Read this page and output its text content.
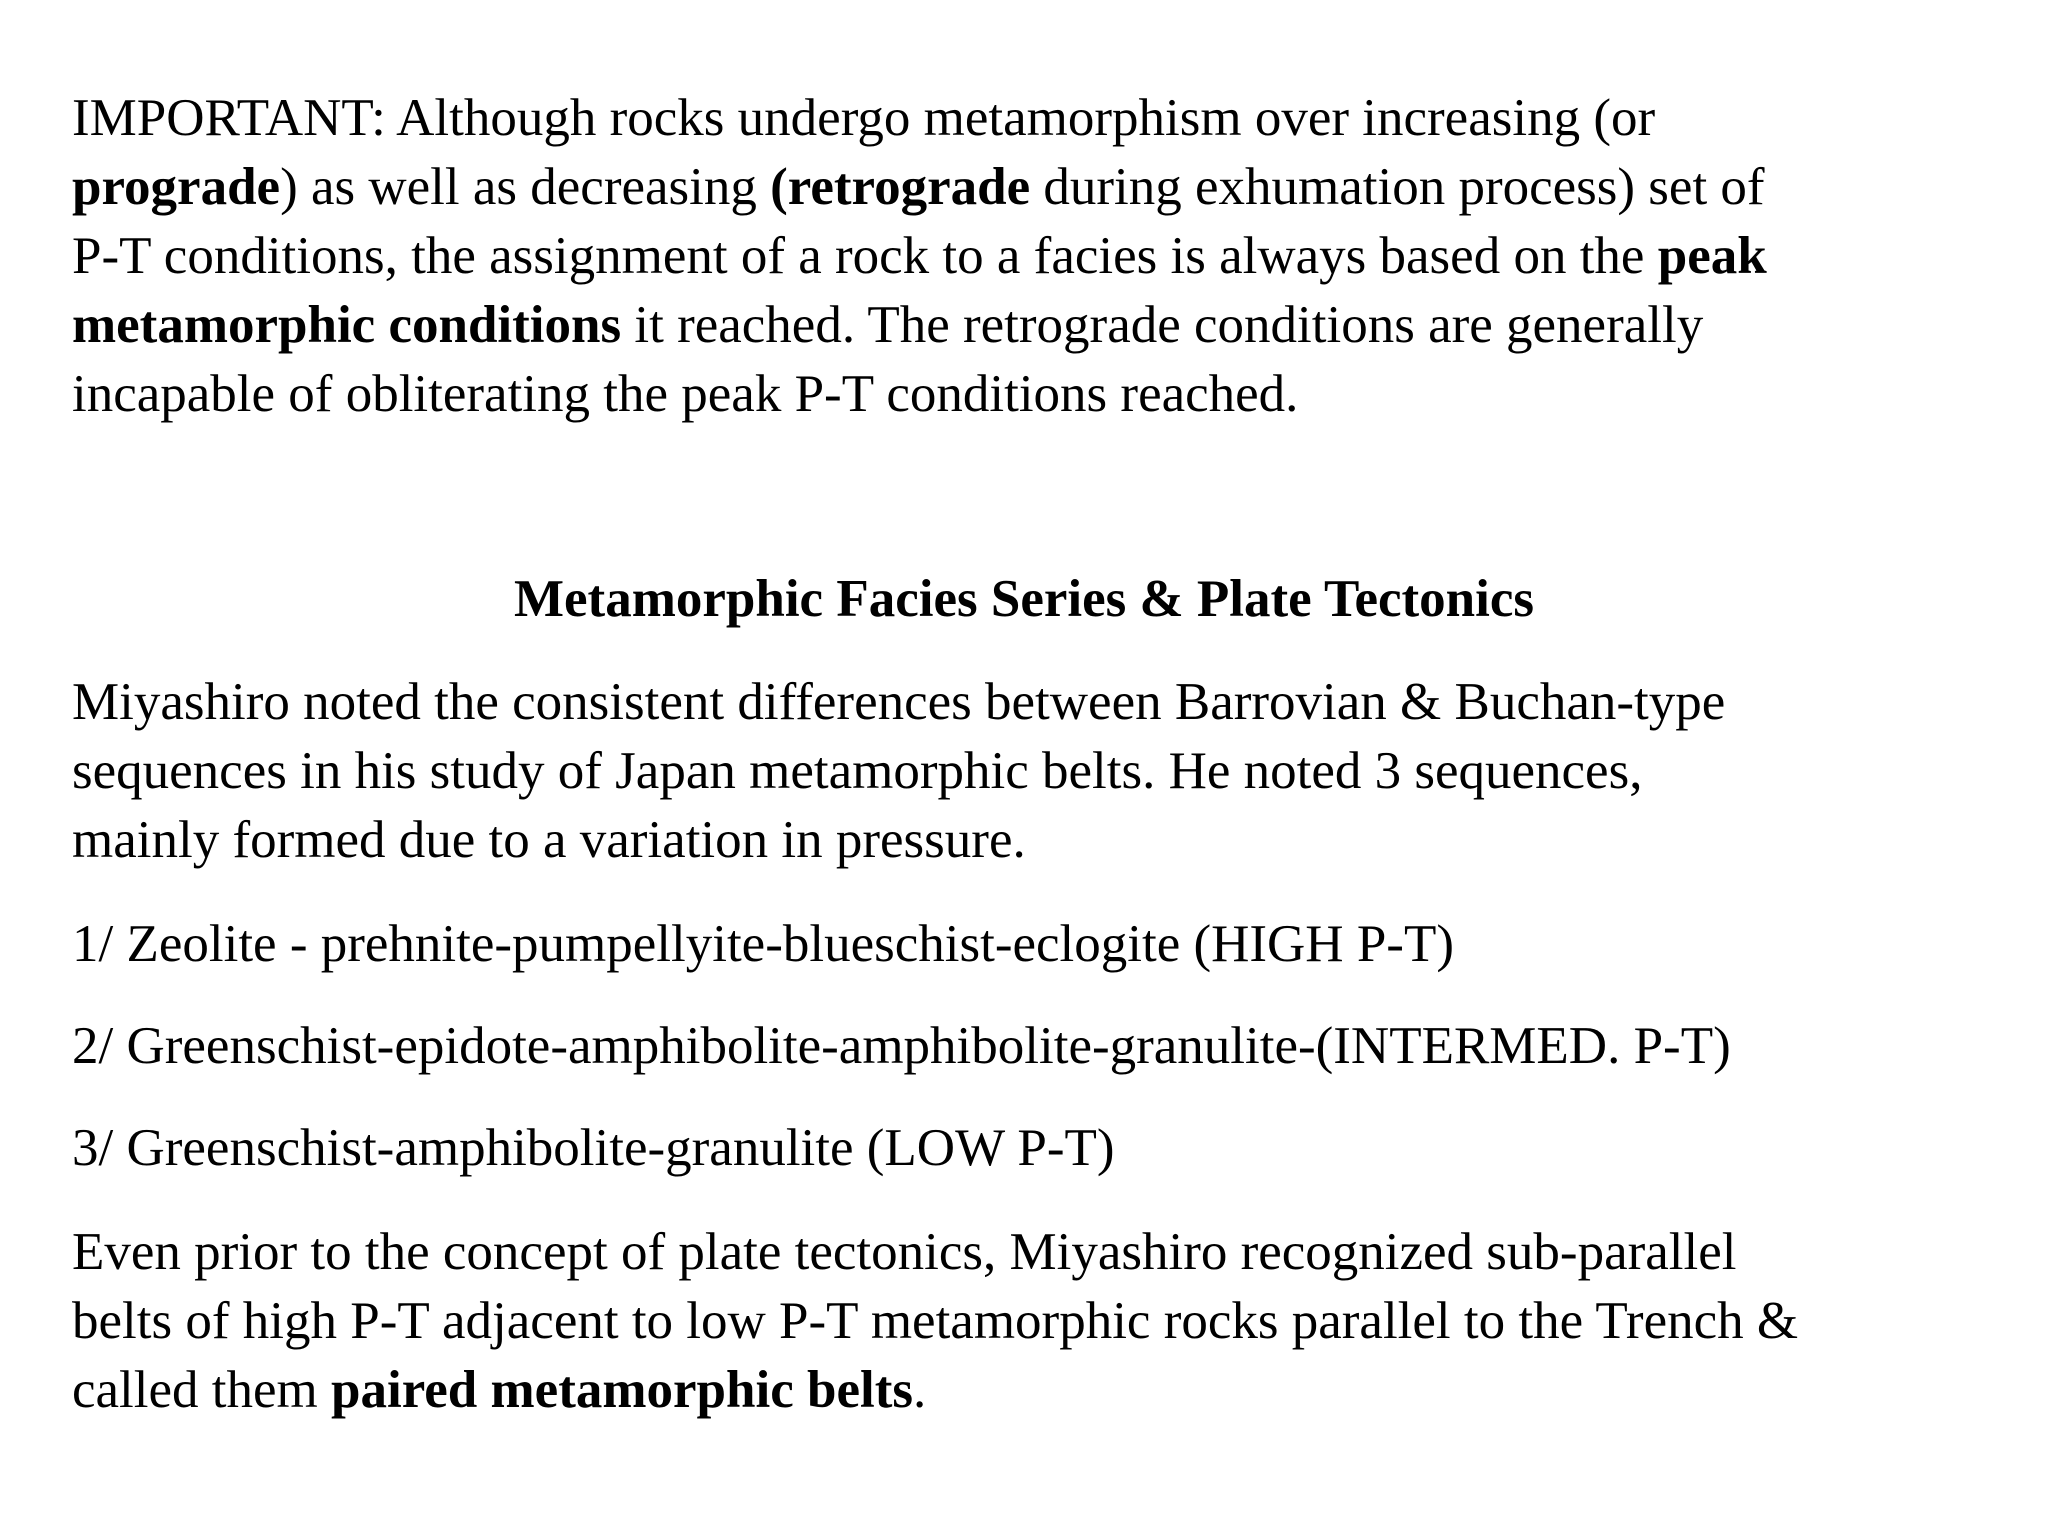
IMPORTANT: Although rocks undergo metamorphism over increasing (or
prograde) as well as decreasing (retrograde during exhumation process) set of
P-T conditions, the assignment of a rock to a facies is always based on the peak
metamorphic conditions it reached. The retrograde conditions are generally
incapable of obliterating the peak P-T conditions reached.

Metamorphic Facies Series & Plate Tectonics

Miyashiro noted the consistent differences between Barrovian & Buchan-type
sequences in his study of Japan metamorphic belts. He noted 3 sequences,
mainly formed due to a variation in pressure.

1/ Zeolite - prehnite-pumpellyite-blueschist-eclogite (HIGH P-T)

2/ Greenschist-epidote-amphibolite-amphibolite-granulite-(INTERMED. P-T)

3/ Greenschist-amphibolite-granulite (LOW P-T)

Even prior to the concept of plate tectonics, Miyashiro recognized sub-parallel
belts of high P-T adjacent to low P-T metamorphic rocks parallel to the Trench &
called them paired metamorphic belts.
